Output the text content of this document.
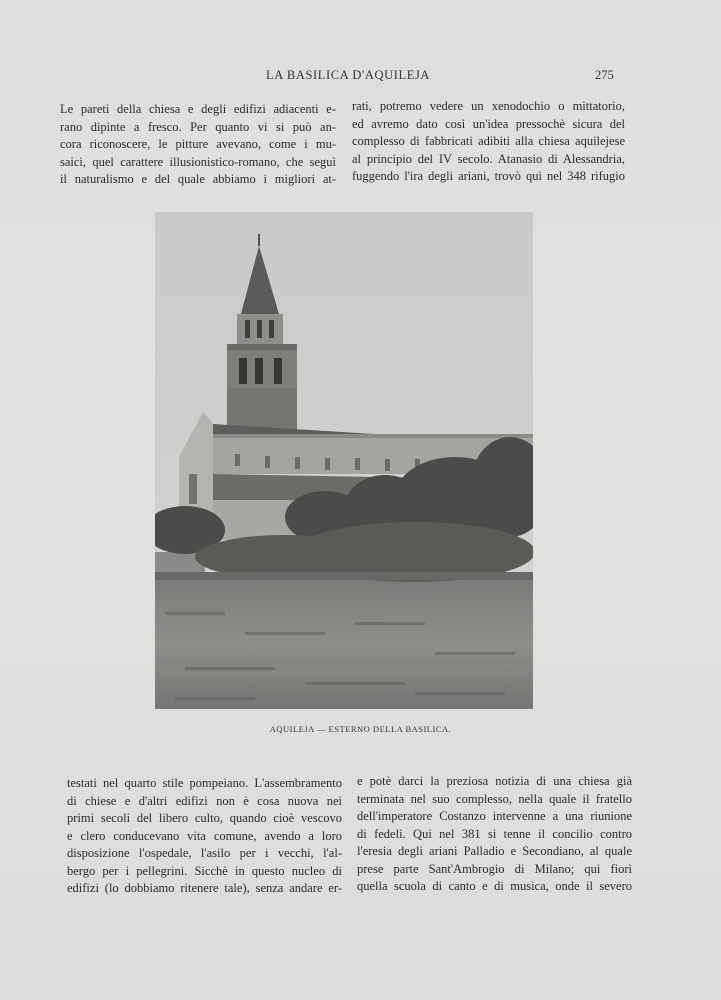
LA BASILICA D'AQUILEJA	275
Le pareti della chiesa e degli edifizi adiacenti e-
rano dipinte a fresco. Per quanto vi si può an-
cora riconoscere, le pitture avevano, come i mu-
saici, quel carattere illusionistico-romano, che seguì
il naturalismo e del quale abbiamo i migliori at-
rati, potremo vedere un xenodochio o mittatorio,
ed avremo dato così un'idea pressochè sicura del
complesso di fabbricati adibiti alla chiesa aquilejese
al principio del IV secolo. Atanasio di Alessandria,
fuggendo l'ira degli ariani, trovò qui nel 348 rifugio
AQUILEJA — ESTERNO DELLA BASILICA.
testati nel quarto stile pompeiano. L'assembramento
di chiese e d'altri edifizi non è cosa nuova nei
primi secoli del libero culto, quando cioè vescovo
e clero conducevano vita comune, avendo a loro
disposizione l'ospedale, l'asilo per i vecchi, l'al-
bergo per i pellegrini. Sicchè in questo nucleo di
edifizi (lo dobbiamo ritenere tale), senza andare er-
e potè darci la preziosa notizia di una chiesa già
terminata nel suo complesso, nella quale il fratello
dell'imperatore Costanzo intervenne a una riunione
di fedeli. Qui nel 381 si tenne il concilio contro
l'eresia degli ariani Palladio e Secondiano, al quale
prese parte Sant'Ambrogio di Milano; qui fiorì
quella scuola di canto e di musica, onde il severo
